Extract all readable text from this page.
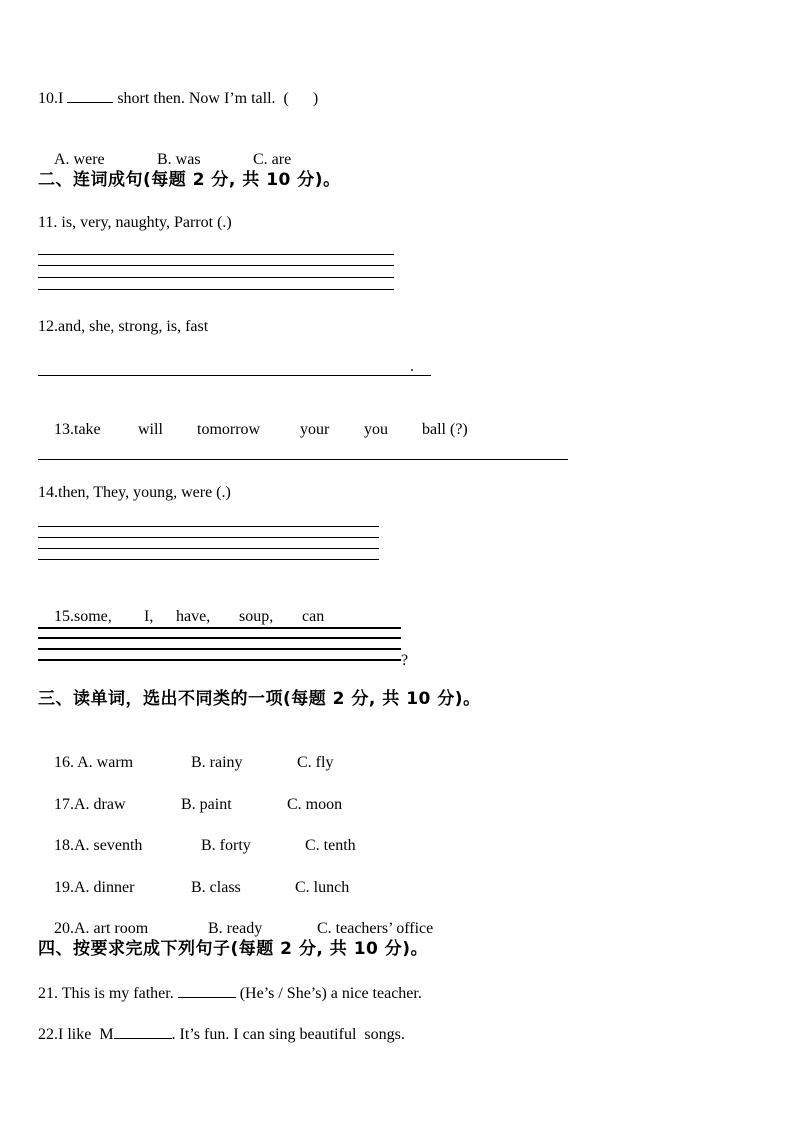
10.I	short then. Now I’m tall.  (      )

A. were	B. was	C. are

二、连词成句(每题 2 分, 共 10 分)。
11. is, very, naughty, Parrot (.)
12.and, she, strong, is, fast
.

13.take will tomorrow your you ball (?)

14.then, They, young, were (.)

15.some, I, have, soup, can

?
三、读单词，选出不同类的一项(每题 2 分, 共 10 分)。

16. A. warm	B. rainy	C. fly

17.A. draw	B. paint	C. moon

18.A. seventh	B. forty	C. tenth

19.A. dinner	B. class	C. lunch

20.A. art room	B. ready	C. teachers’ office

四、按要求完成下列句子(每题 2 分, 共 10 分)。
21. This is my father.	(He’s / She’s) a nice teacher.
22.I like  M	. It’s fun. I can sing beautiful  songs.
